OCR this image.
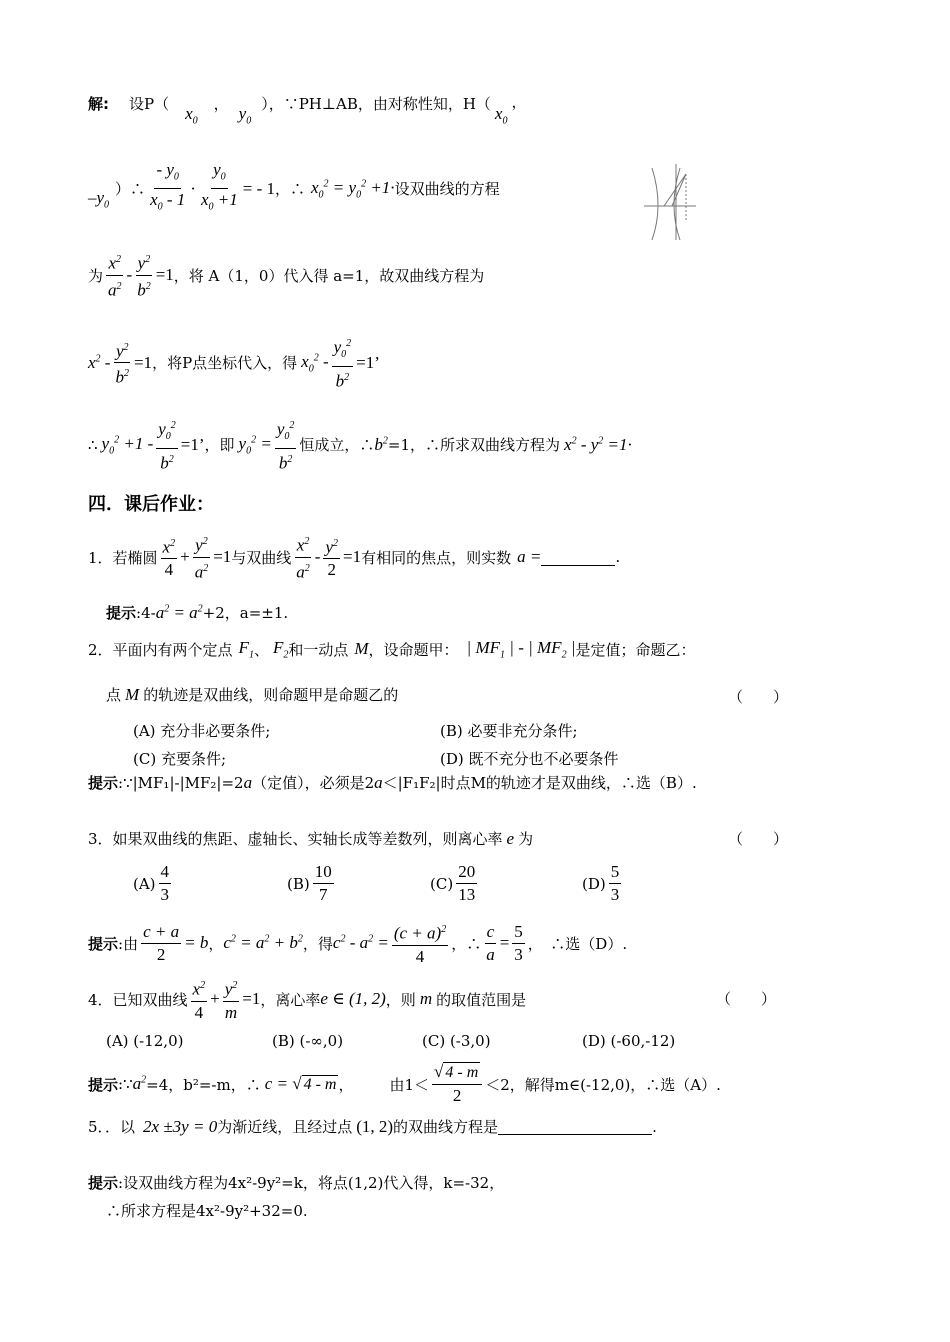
解: 设P（
$x_0$
，
$y_0$
），∵PH⊥AB，由对称性知，H（
$x_0$
，
$-y_0$
）∴ $\frac{- y_0}{x_0 - 1} \cdot \frac{y_0}{x_0 +1}$ = - 1 ，∴ $x_0^2 = y_0^2 +1\cdot$ 设双曲线的方程
为 $\frac{x^2}{a^2} - \frac{y^2}{b^2} =1$ ，将 A（1，0）代入得 a=1，故双曲线方程为
$x^2 - \frac{y^2}{b^2} =1$ ，将P点坐标代入，得 $x_0^2 - \frac{y_0^2}{b^2} =1$’
∴ $y_0^2 +1 - \frac{y_0^2}{b^2} =1$’ ，即 $y_0^2 = \frac{y_0^2}{b^2}$ 恒成立，∴ $b^2 =1$，∴所求双曲线方程为 $x^2 - y^2 =1\cdot$
四．课后作业：
1．若椭圆 $\frac{x^2}{4} + \frac{y^2}{a^2} =1$ 与双曲线 $\frac{x^2}{a^2} - \frac{y^2}{2} =1$ 有相同的焦点，则实数 a =	.
提示 :4- $a^2 = a^2 +2$，a=±1.
2．平面内有两个定点 $F_1$ 、 $F_2$ 和一动点 M ，设命题甲： | $MF_1$ | - | $MF_2$ | 是定值；命题乙：
点 M 的轨迹是双曲线，则命题甲是命题乙的	（　　）
(A) 充分非必要条件;	(B) 必要非充分条件;
(C) 充要条件;	(D) 既不充分也不必要条件
提示 :∵|MF₁|-|MF₂|=2 a （定值），必须是2 a ＜|F₁F₂|时点M的轨迹才是双曲线，∴选（B）.
3．如果双曲线的焦距、虚轴长、实轴长成等差数列，则离心率 e 为	（　　）
$(A) \frac{4}{3}$	$(B) \frac{10}{7}$	$(C) \frac{20}{13}$	$(D) \frac{5}{3}$
提示 :由 $\frac{c + a}{2} = b$ ， $c^2 = a^2 + b^2$ ，得 $c^2 - a^2 = \frac{(c + a)^2}{4}$ ，∴ $\frac{c}{a} = \frac{5}{3}$ ，　∴选（D）.
4．已知双曲线 $\frac{x^2}{4} + \frac{y^2}{m} =1$ ，离心率 e ∈ (1, 2) ，则 m 的取值范围是	（　　）
(A) (-12,0)	(B) (-∞,0)	(C) (-3,0)	(D) (-60,-12)
提示 :∵ $a^2 =4$，b²=-m，∴ c = √ 4 - m ， 由$1< \frac{√ 4 - m}{2} <2$，解得m∈(-12,0)，∴选（A）.
5．．以 2x ±3y = 0 为渐近线，且经过点 (1, 2) 的双曲线方程是	.
提示 :设双曲线方程为4x²-9y²=k，将点(1,2)代入得，k=-32，
∴所求方程是4x²-9y²+32=0.
